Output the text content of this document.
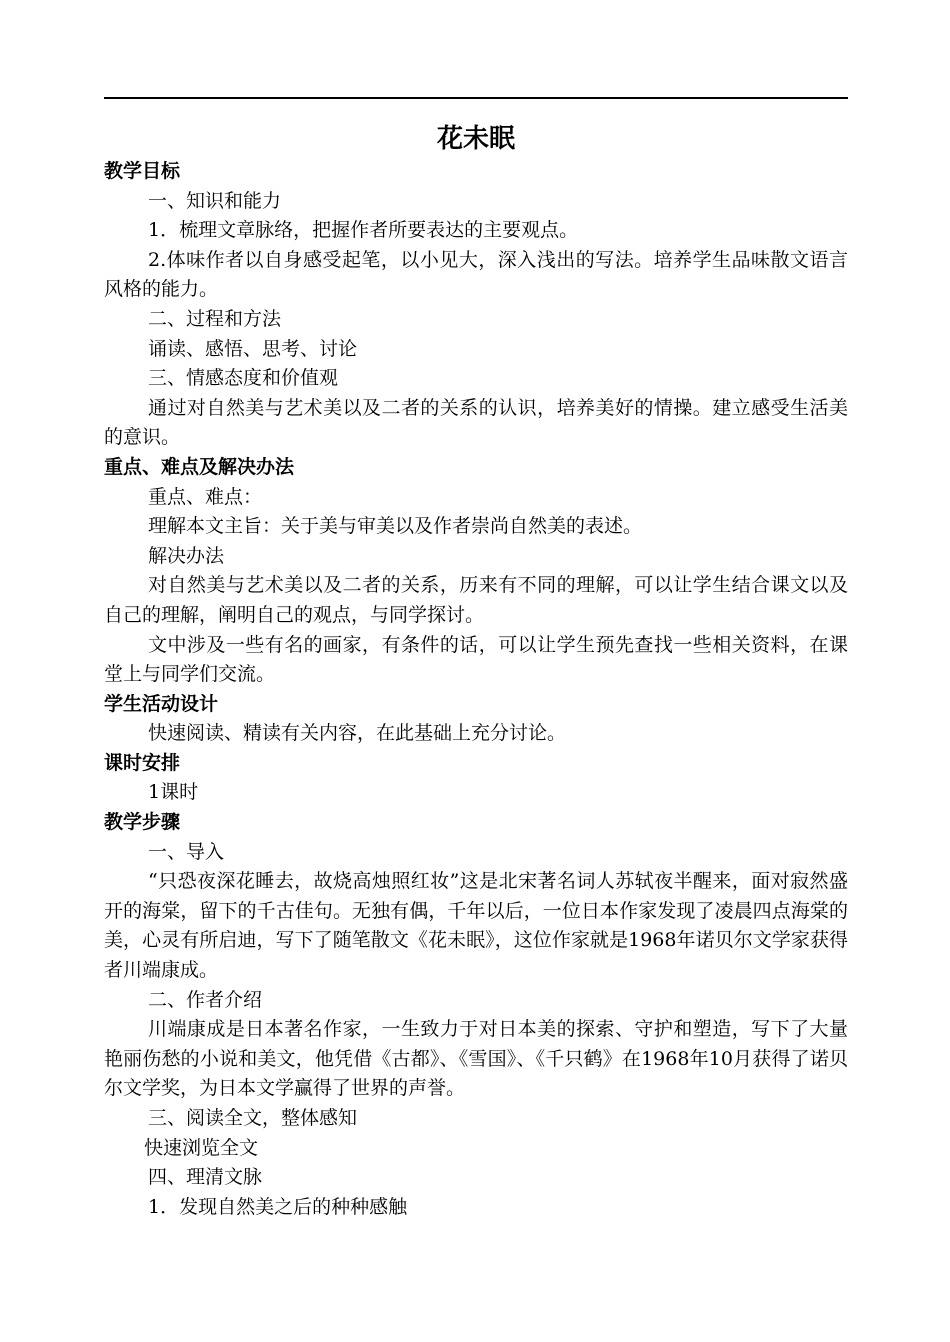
花未眠
教学目标

一、知识和能力

1．梳理文章脉络，把握作者所要表达的主要观点。

2.体味作者以自身感受起笔，以小见大，深入浅出的写法。培养学生品味散文语言风格的能力。

二、过程和方法

诵读、感悟、思考、讨论

三、情感态度和价值观

通过对自然美与艺术美以及二者的关系的认识，培养美好的情操。建立感受生活美的意识。

重点、难点及解决办法

重点、难点：

理解本文主旨：关于美与审美以及作者崇尚自然美的表述。

解决办法

对自然美与艺术美以及二者的关系，历来有不同的理解，可以让学生结合课文以及自己的理解，阐明自己的观点，与同学探讨。

文中涉及一些有名的画家，有条件的话，可以让学生预先查找一些相关资料，在课堂上与同学们交流。

学生活动设计

快速阅读、精读有关内容，在此基础上充分讨论。

课时安排

1课时

教学步骤

一、导入

“只恐夜深花睡去，故烧高烛照红妆”这是北宋著名词人苏轼夜半醒来，面对寂然盛开的海棠，留下的千古佳句。无独有偶，千年以后，一位日本作家发现了凌晨四点海棠的美，心灵有所启迪，写下了随笔散文《花未眠》，这位作家就是1968年诺贝尔文学家获得者川端康成。

二、作者介绍

川端康成是日本著名作家，一生致力于对日本美的探索、守护和塑造，写下了大量艳丽伤愁的小说和美文，他凭借《古都》、《雪国》、《千只鹤》在1968年10月获得了诺贝尔文学奖，为日本文学赢得了世界的声誉。

三、阅读全文，整体感知

快速浏览全文

四、理清文脉

1．发现自然美之后的种种感触
